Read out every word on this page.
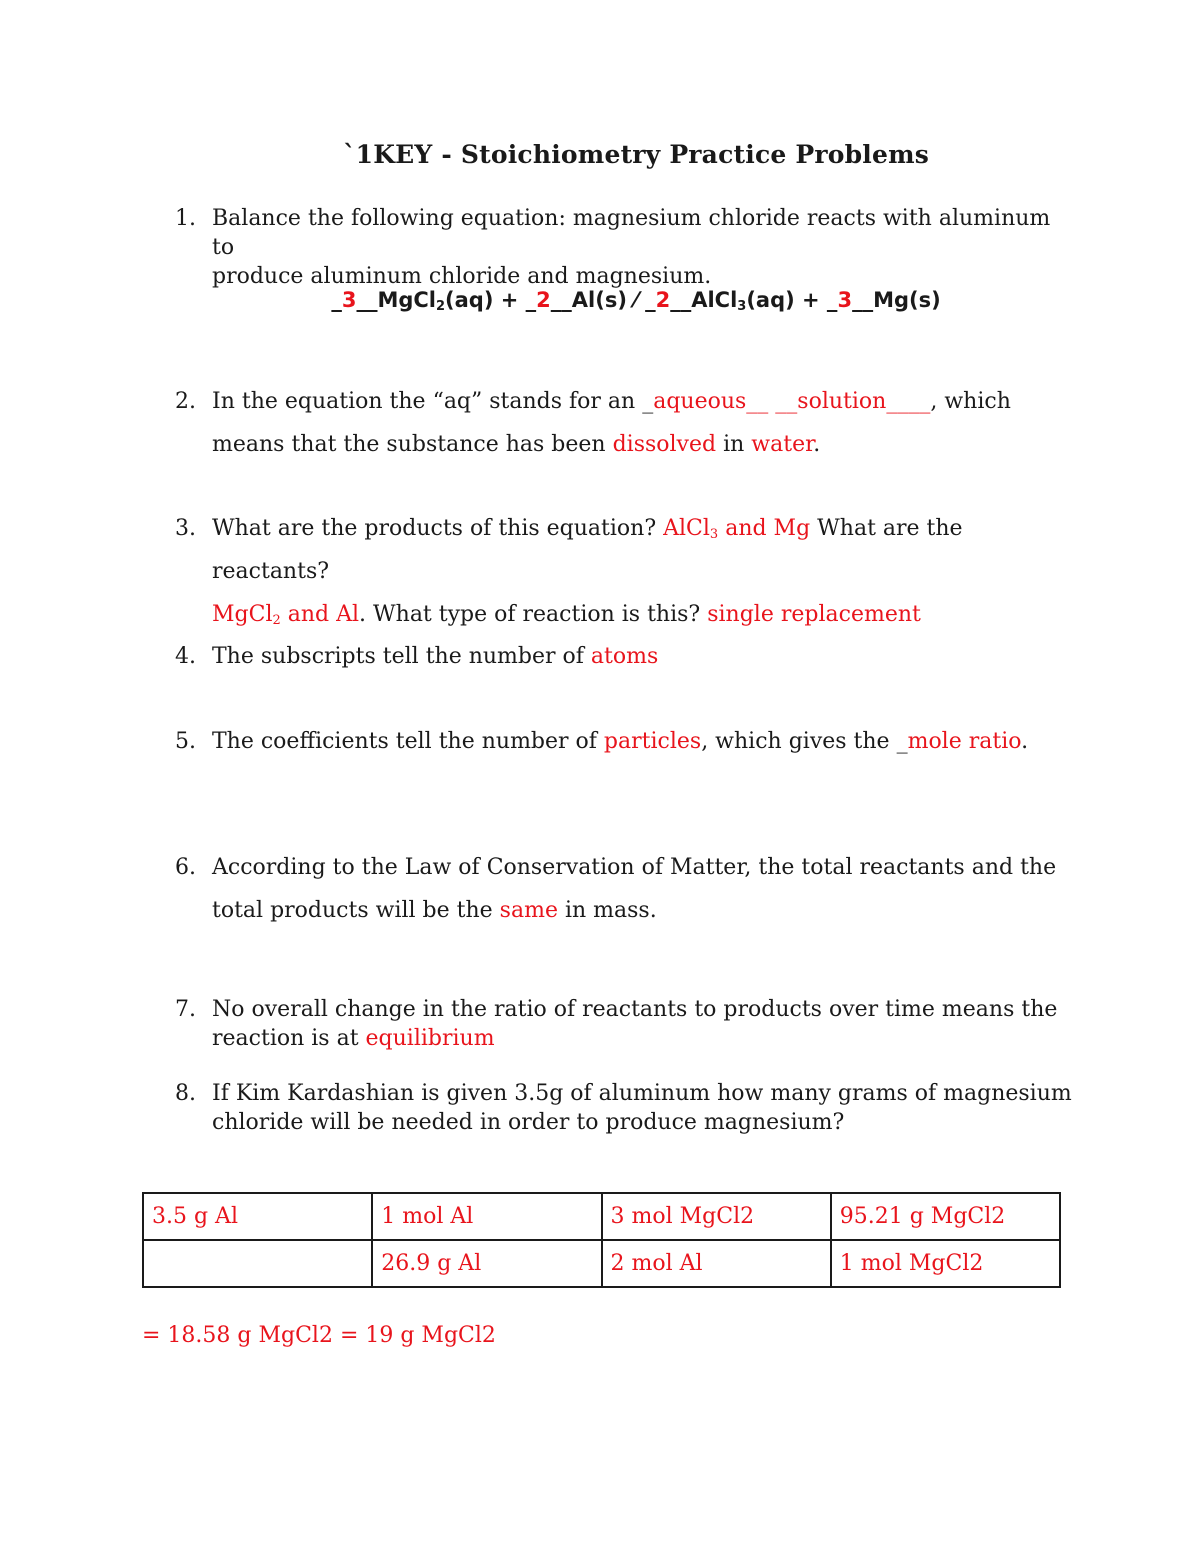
`1KEY - Stoichiometry Practice Problems
1. Balance the following equation: magnesium chloride reacts with aluminum to
produce aluminum chloride and magnesium.
_3__MgCl$_2$(aq) + _2__Al(s) ⁄ _2__AlCl$_3$(aq) + _3__Mg(s)
2. In the equation the “aq” stands for an _aqueous__ __solution____, which
means that the substance has been dissolved in water.
3. What are the products of this equation? AlCl$_3$ and Mg What are the reactants?
MgCl$_2$ and Al. What type of reaction is this? single replacement
4. The subscripts tell the number of atoms
5. The coefficients tell the number of particles, which gives the _mole ratio.
6. According to the Law of Conservation of Matter, the total reactants and the
total products will be the same in mass.
7. No overall change in the ratio of reactants to products over time means the
reaction is at equilibrium
8. If Kim Kardashian is given 3.5g of aluminum how many grams of magnesium
chloride will be needed in order to produce magnesium?
3.5 g Al	1 mol Al	3 mol MgCl2	95.21 g MgCl2
	26.9 g Al	2 mol Al	1 mol MgCl2
= 18.58 g MgCl2 = 19 g MgCl2
